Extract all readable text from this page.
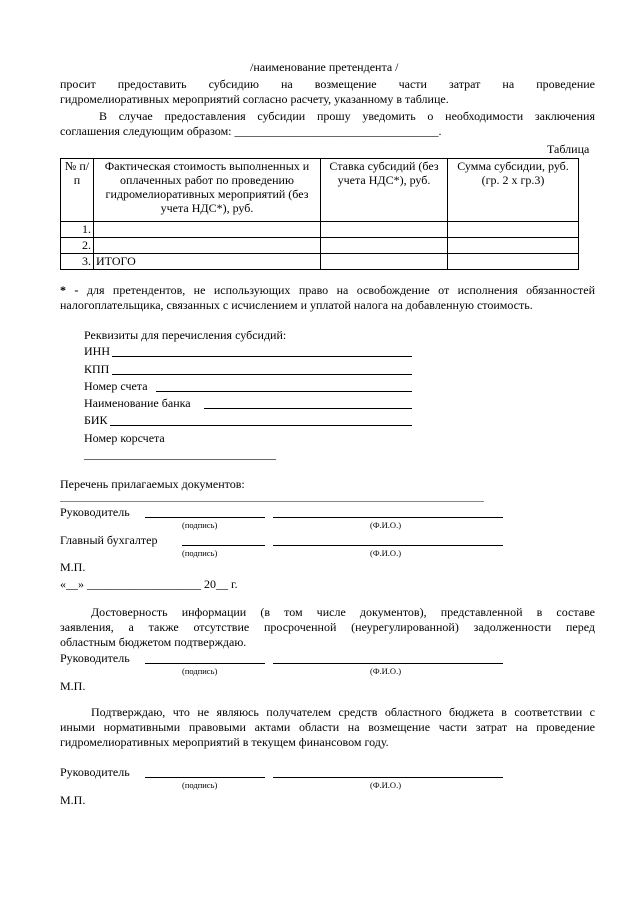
/наименование претендента /
просит предоставить субсидию на возмещение части затрат на проведение
гидромелиоративных мероприятий согласно расчету, указанному в таблице.
В случае предоставления субсидии прошу уведомить о необходимости заключения
соглашения следующим образом: __________________________________.
Таблица
№ п/п	Фактическая стоимость выполненных и оплаченных работ по проведению гидромелиоративных мероприятий (без учета НДС*), руб.	Ставка субсидий (без учета НДС*), руб.	Сумма субсидии, руб. (гр. 2 х гр.3)
1.			
2.			
3.	ИТОГО		
* - для претендентов, не использующих право на освобождение от исполнения обязанностей
налогоплательщика, связанных с исчислением и уплатой налога на добавленную стоимость.
Реквизиты для перечисления субсидий:
ИНН
КПП
Номер счета
Наименование банка
БИК
Номер корсчета
________________________________
Перечень прилагаемых документов:
Руководитель
(подпись)	(Ф.И.О.)
Главный бухгалтер
(подпись)	(Ф.И.О.)
М.П.
«__» ___________________ 20__ г.
Достоверность информации (в том числе документов), представленной в составе
заявления, а также отсутствие просроченной (неурегулированной) задолженности перед
областным бюджетом подтверждаю.
Руководитель
(подпись)	(Ф.И.О.)
М.П.
Подтверждаю, что не являюсь получателем средств областного бюджета в соответствии с
иными нормативными правовыми актами области на возмещение части затрат на проведение
гидромелиоративных мероприятий в текущем финансовом году.
Руководитель
(подпись)	(Ф.И.О.)
М.П.
